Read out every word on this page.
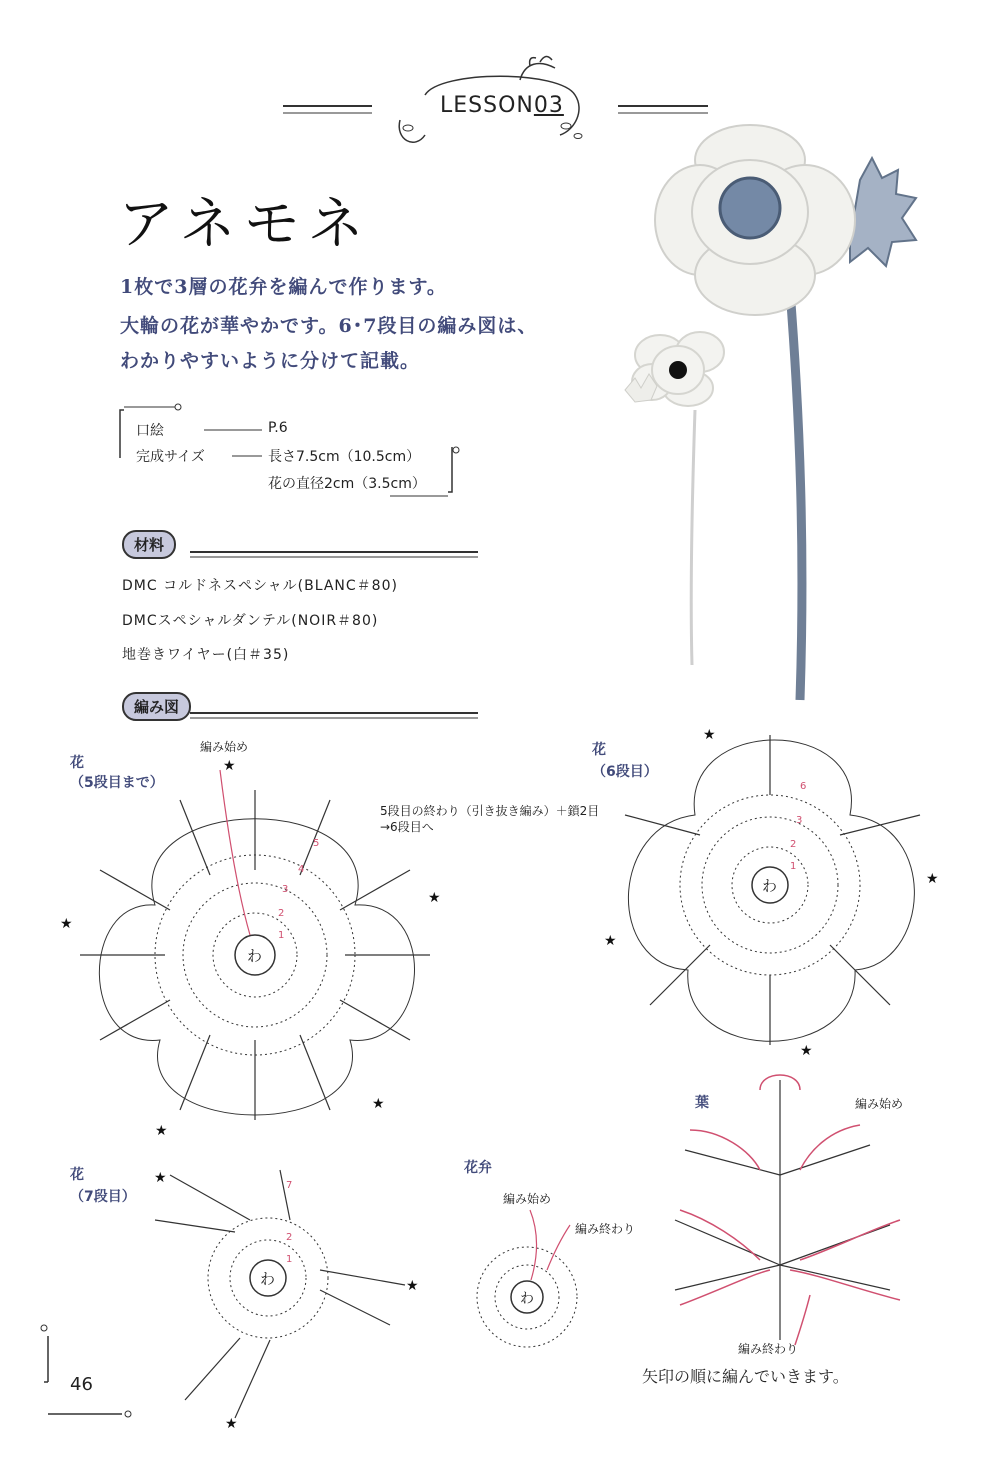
LESSON03
アネモネ
1枚で3層の花弁を編んで作ります。
大輪の花が華やかです。6･7段目の編み図は、
わかりやすいように分けて記載。
口絵	P.6
完成サイズ	長さ7.5cm（10.5cm）
花の直径2cm（3.5cm）
材料
DMC コルドネスペシャル(BLANC＃80)
DMCスペシャルダンテル(NOIR＃80)
地巻きワイヤー(白＃35)
編み図
花
（5段目まで）
編み始め
5段目の終わり（引き抜き編み）＋鎖2目
→6段目へ
わ
1
2
3
4
5
★
★
★
★
★
花
（6段目）
わ
1
2
3
6
★
★
★
★
花
（7段目）
わ
1
2
7
★
★
★
花弁
編み始め
編み終わり
わ
葉	編み始め
編み終わり
矢印の順に編んでいきます。
46
